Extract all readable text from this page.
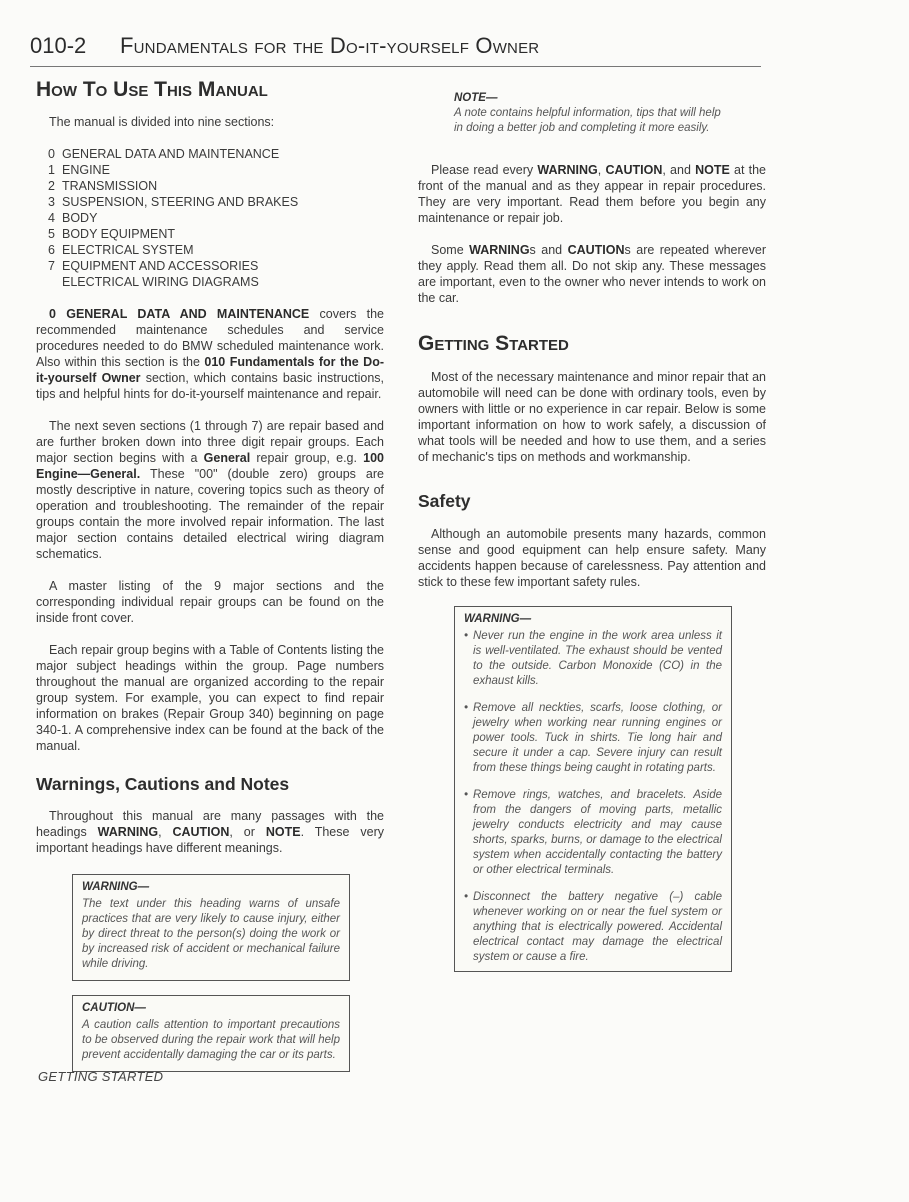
010-2 Fundamentals for the Do-it-yourself Owner
How To Use This Manual

The manual is divided into nine sections:

0 GENERAL DATA AND MAINTENANCE
1 ENGINE
2 TRANSMISSION
3 SUSPENSION, STEERING AND BRAKES
4 BODY
5 BODY EQUIPMENT
6 ELECTRICAL SYSTEM
7 EQUIPMENT AND ACCESSORIES
ELECTRICAL WIRING DIAGRAMS

0 GENERAL DATA AND MAINTENANCE covers the recommended maintenance schedules and service procedures needed to do BMW scheduled maintenance work. Also within this section is the 010 Fundamentals for the Do-it-yourself Owner section, which contains basic instructions, tips and helpful hints for do-it-yourself maintenance and repair.

The next seven sections (1 through 7) are repair based and are further broken down into three digit repair groups. Each major section begins with a General repair group, e.g. 100 Engine—General. These "00" (double zero) groups are mostly descriptive in nature, covering topics such as theory of operation and troubleshooting. The remainder of the repair groups contain the more involved repair information. The last major section contains detailed electrical wiring diagram schematics.

A master listing of the 9 major sections and the corresponding individual repair groups can be found on the inside front cover.

Each repair group begins with a Table of Contents listing the major subject headings within the group. Page numbers throughout the manual are organized according to the repair group system. For example, you can expect to find repair information on brakes (Repair Group 340) beginning on page 340-1. A comprehensive index can be found at the back of the manual.

Warnings, Cautions and Notes

Throughout this manual are many passages with the headings WARNING, CAUTION, or NOTE. These very important headings have different meanings.

WARNING—
The text under this heading warns of unsafe practices that are very likely to cause injury, either by direct threat to the person(s) doing the work or by increased risk of accident or mechanical failure while driving.
CAUTION—
A caution calls attention to important precautions to be observed during the repair work that will help prevent accidentally damaging the car or its parts.
NOTE—
A note contains helpful information, tips that will help in doing a better job and completing it more easily.

Please read every WARNING, CAUTION, and NOTE at the front of the manual and as they appear in repair procedures. They are very important. Read them before you begin any maintenance or repair job.

Some WARNINGs and CAUTIONs are repeated wherever they apply. Read them all. Do not skip any. These messages are important, even to the owner who never intends to work on the car.

Getting Started

Most of the necessary maintenance and minor repair that an automobile will need can be done with ordinary tools, even by owners with little or no experience in car repair. Below is some important information on how to work safely, a discussion of what tools will be needed and how to use them, and a series of mechanic's tips on methods and workmanship.

Safety

Although an automobile presents many hazards, common sense and good equipment can help ensure safety. Many accidents happen because of carelessness. Pay attention and stick to these few important safety rules.

WARNING—
• Never run the engine in the work area unless it is well-ventilated. The exhaust should be vented to the outside. Carbon Monoxide (CO) in the exhaust kills.
• Remove all neckties, scarfs, loose clothing, or jewelry when working near running engines or power tools. Tuck in shirts. Tie long hair and secure it under a cap. Severe injury can result from these things being caught in rotating parts.
• Remove rings, watches, and bracelets. Aside from the dangers of moving parts, metallic jewelry conducts electricity and may cause shorts, sparks, burns, or damage to the electrical system when accidentally contacting the battery or other electrical terminals.
• Disconnect the battery negative (–) cable whenever working on or near the fuel system or anything that is electrically powered. Accidental electrical contact may damage the electrical system or cause a fire.
GETTING STARTED
